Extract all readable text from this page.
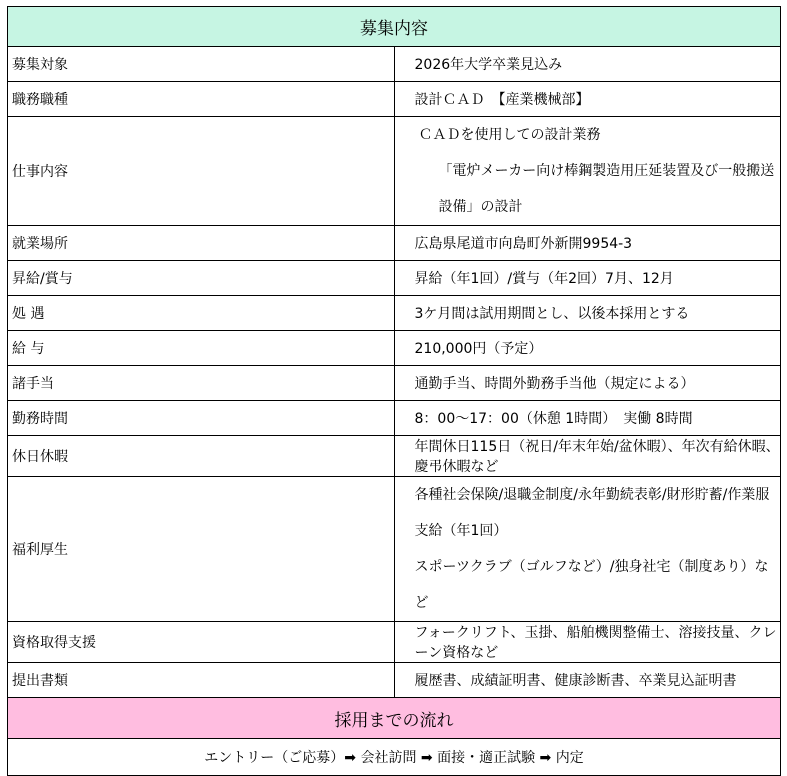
募集内容	
募集対象	2026年大学卒業見込み
職務職種	設計ＣＡＤ　【産業機械部】
仕事内容	ＣＡＤを使用しての設計業務
「電炉メーカー向け棒鋼製造用圧延装置及び一般搬送設備」の設計

就業場所	広島県尾道市向島町外新開9954-3
昇給/賞与	昇給（年1回）/賞与（年2回）7月、12月
処 遇	3ケ月間は試用期間とし、以後本採用とする
給 与	210,000円（予定）
諸手当	通勤手当、時間外勤務手当他（規定による）
勤務時間	8：00～17：00（休憩 1時間）　実働 8時間
休日休暇	年間休日115日（祝日/年末年始/盆休暇）、年次有給休暇、慶弔休暇など
福利厚生	各種社会保険/退職金制度/永年勤続表彰/財形貯蓄/作業服支給（年1回）
スポーツクラブ（ゴルフなど）/独身社宅（制度あり）など

資格取得支援	フォークリフト、玉掛、船舶機関整備士、溶接技量、クレーン資格など
提出書類	履歴書、成績証明書、健康診断書、卒業見込証明書
採用までの流れ	
エントリー（ご応募）➡ 会社訪問 ➡ 面接・適正試験 ➡ 内定	
